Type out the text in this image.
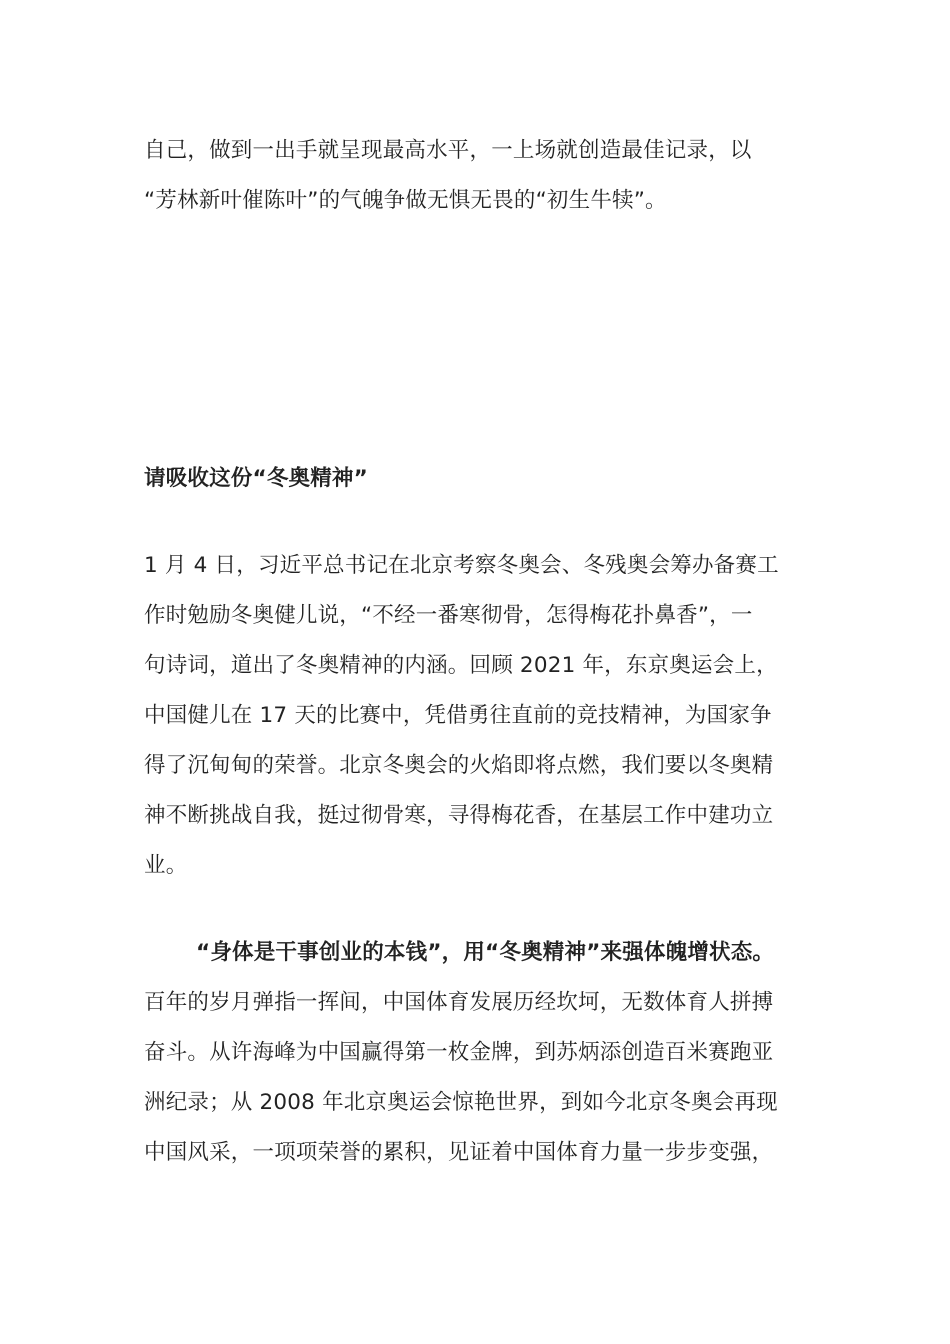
自己，做到一出手就呈现最高水平，一上场就创造最佳记录，以
“芳林新叶催陈叶”的气魄争做无惧无畏的“初生牛犊”。
请吸收这份“冬奥精神”
1 月 4 日，习近平总书记在北京考察冬奥会、冬残奥会筹办备赛工
作时勉励冬奥健儿说，“不经一番寒彻骨，怎得梅花扑鼻香”，一
句诗词，道出了冬奥精神的内涵。回顾 2021 年，东京奥运会上，
中国健儿在 17 天的比赛中，凭借勇往直前的竞技精神，为国家争
得了沉甸甸的荣誉。北京冬奥会的火焰即将点燃，我们要以冬奥精
神不断挑战自我，挺过彻骨寒，寻得梅花香，在基层工作中建功立
业。
“身体是干事创业的本钱”，用“冬奥精神”来强体魄增状态。
百年的岁月弹指一挥间，中国体育发展历经坎坷，无数体育人拼搏
奋斗。从许海峰为中国赢得第一枚金牌，到苏炳添创造百米赛跑亚
洲纪录；从 2008 年北京奥运会惊艳世界，到如今北京冬奥会再现
中国风采，一项项荣誉的累积，见证着中国体育力量一步步变强，
